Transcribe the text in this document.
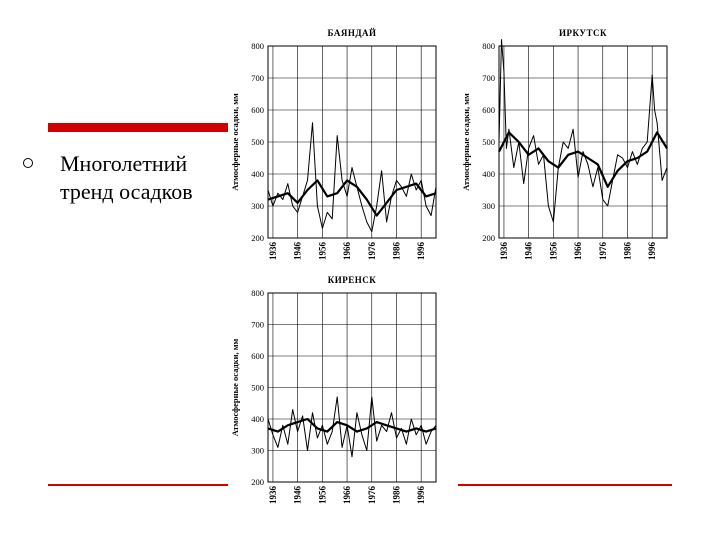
Многолетний
тренд осадков
200
300
400
500
600
700
800
1936 1946 1956 1966 1976 1986 1996
БАЯНДАЙ
Атмосферные осадки, мм
200
300
400
500
600
700
800
1936 1946 1956 1966 1976 1986 1996
ИРКУТСК
Атмосферные осадки, мм
200
300
400
500
600
700
800
1936 1946 1956 1966 1976 1986 1996
КИРЕНСК
Атмосферные осадки, мм
